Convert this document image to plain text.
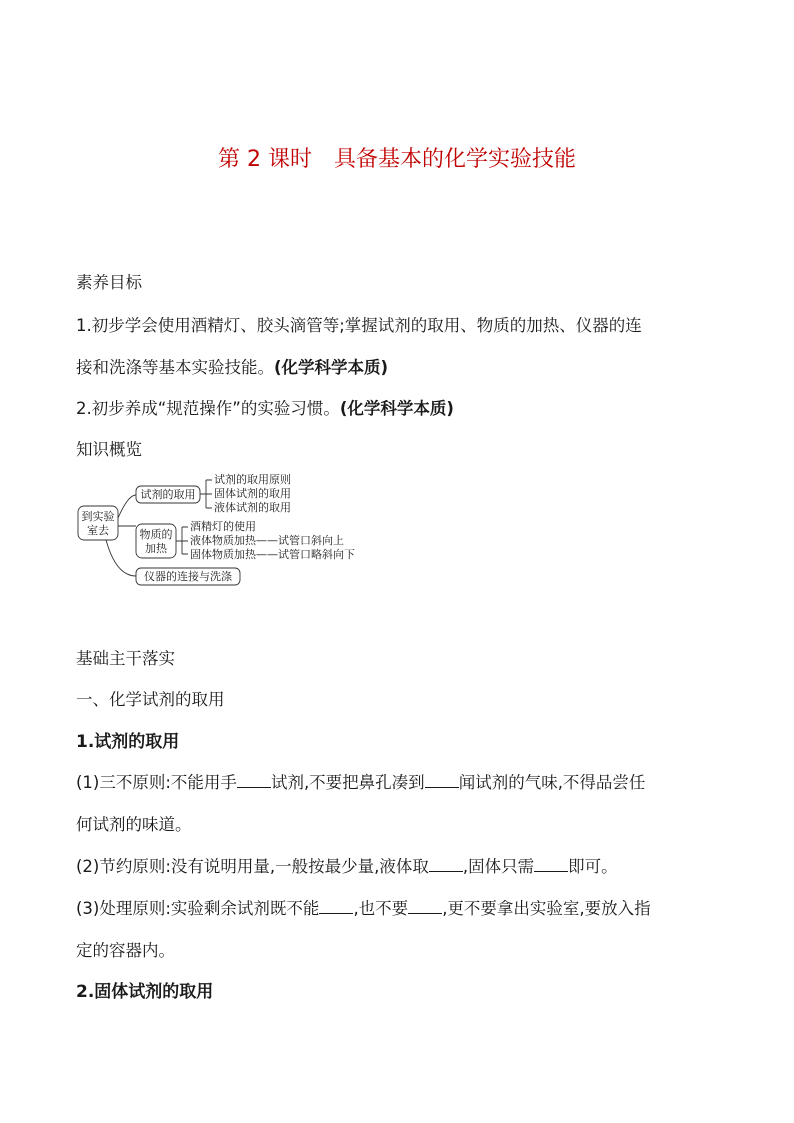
第 2 课时　具备基本的化学实验技能
素养目标
1.初步学会使用酒精灯、胶头滴管等;掌握试剂的取用、物质的加热、仪器的连
接和洗涤等基本实验技能。(化学科学本质)
2.初步养成“规范操作”的实验习惯。(化学科学本质)
知识概览
到实验
室去
试剂的取用
试剂的取用原则
固体试剂的取用
液体试剂的取用
物质的
加热
酒精灯的使用
液体物质加热——试管口斜向上
固体物质加热——试管口略斜向下
仪器的连接与洗涤
基础主干落实
一、化学试剂的取用
1.试剂的取用
(1)三不原则:不能用手 试剂,不要把鼻孔凑到 闻试剂的气味,不得品尝任
何试剂的味道。
(2)节约原则:没有说明用量,一般按最少量,液体取 ,固体只需 即可。
(3)处理原则:实验剩余试剂既不能 ,也不要 ,更不要拿出实验室,要放入指
定的容器内。
2.固体试剂的取用
